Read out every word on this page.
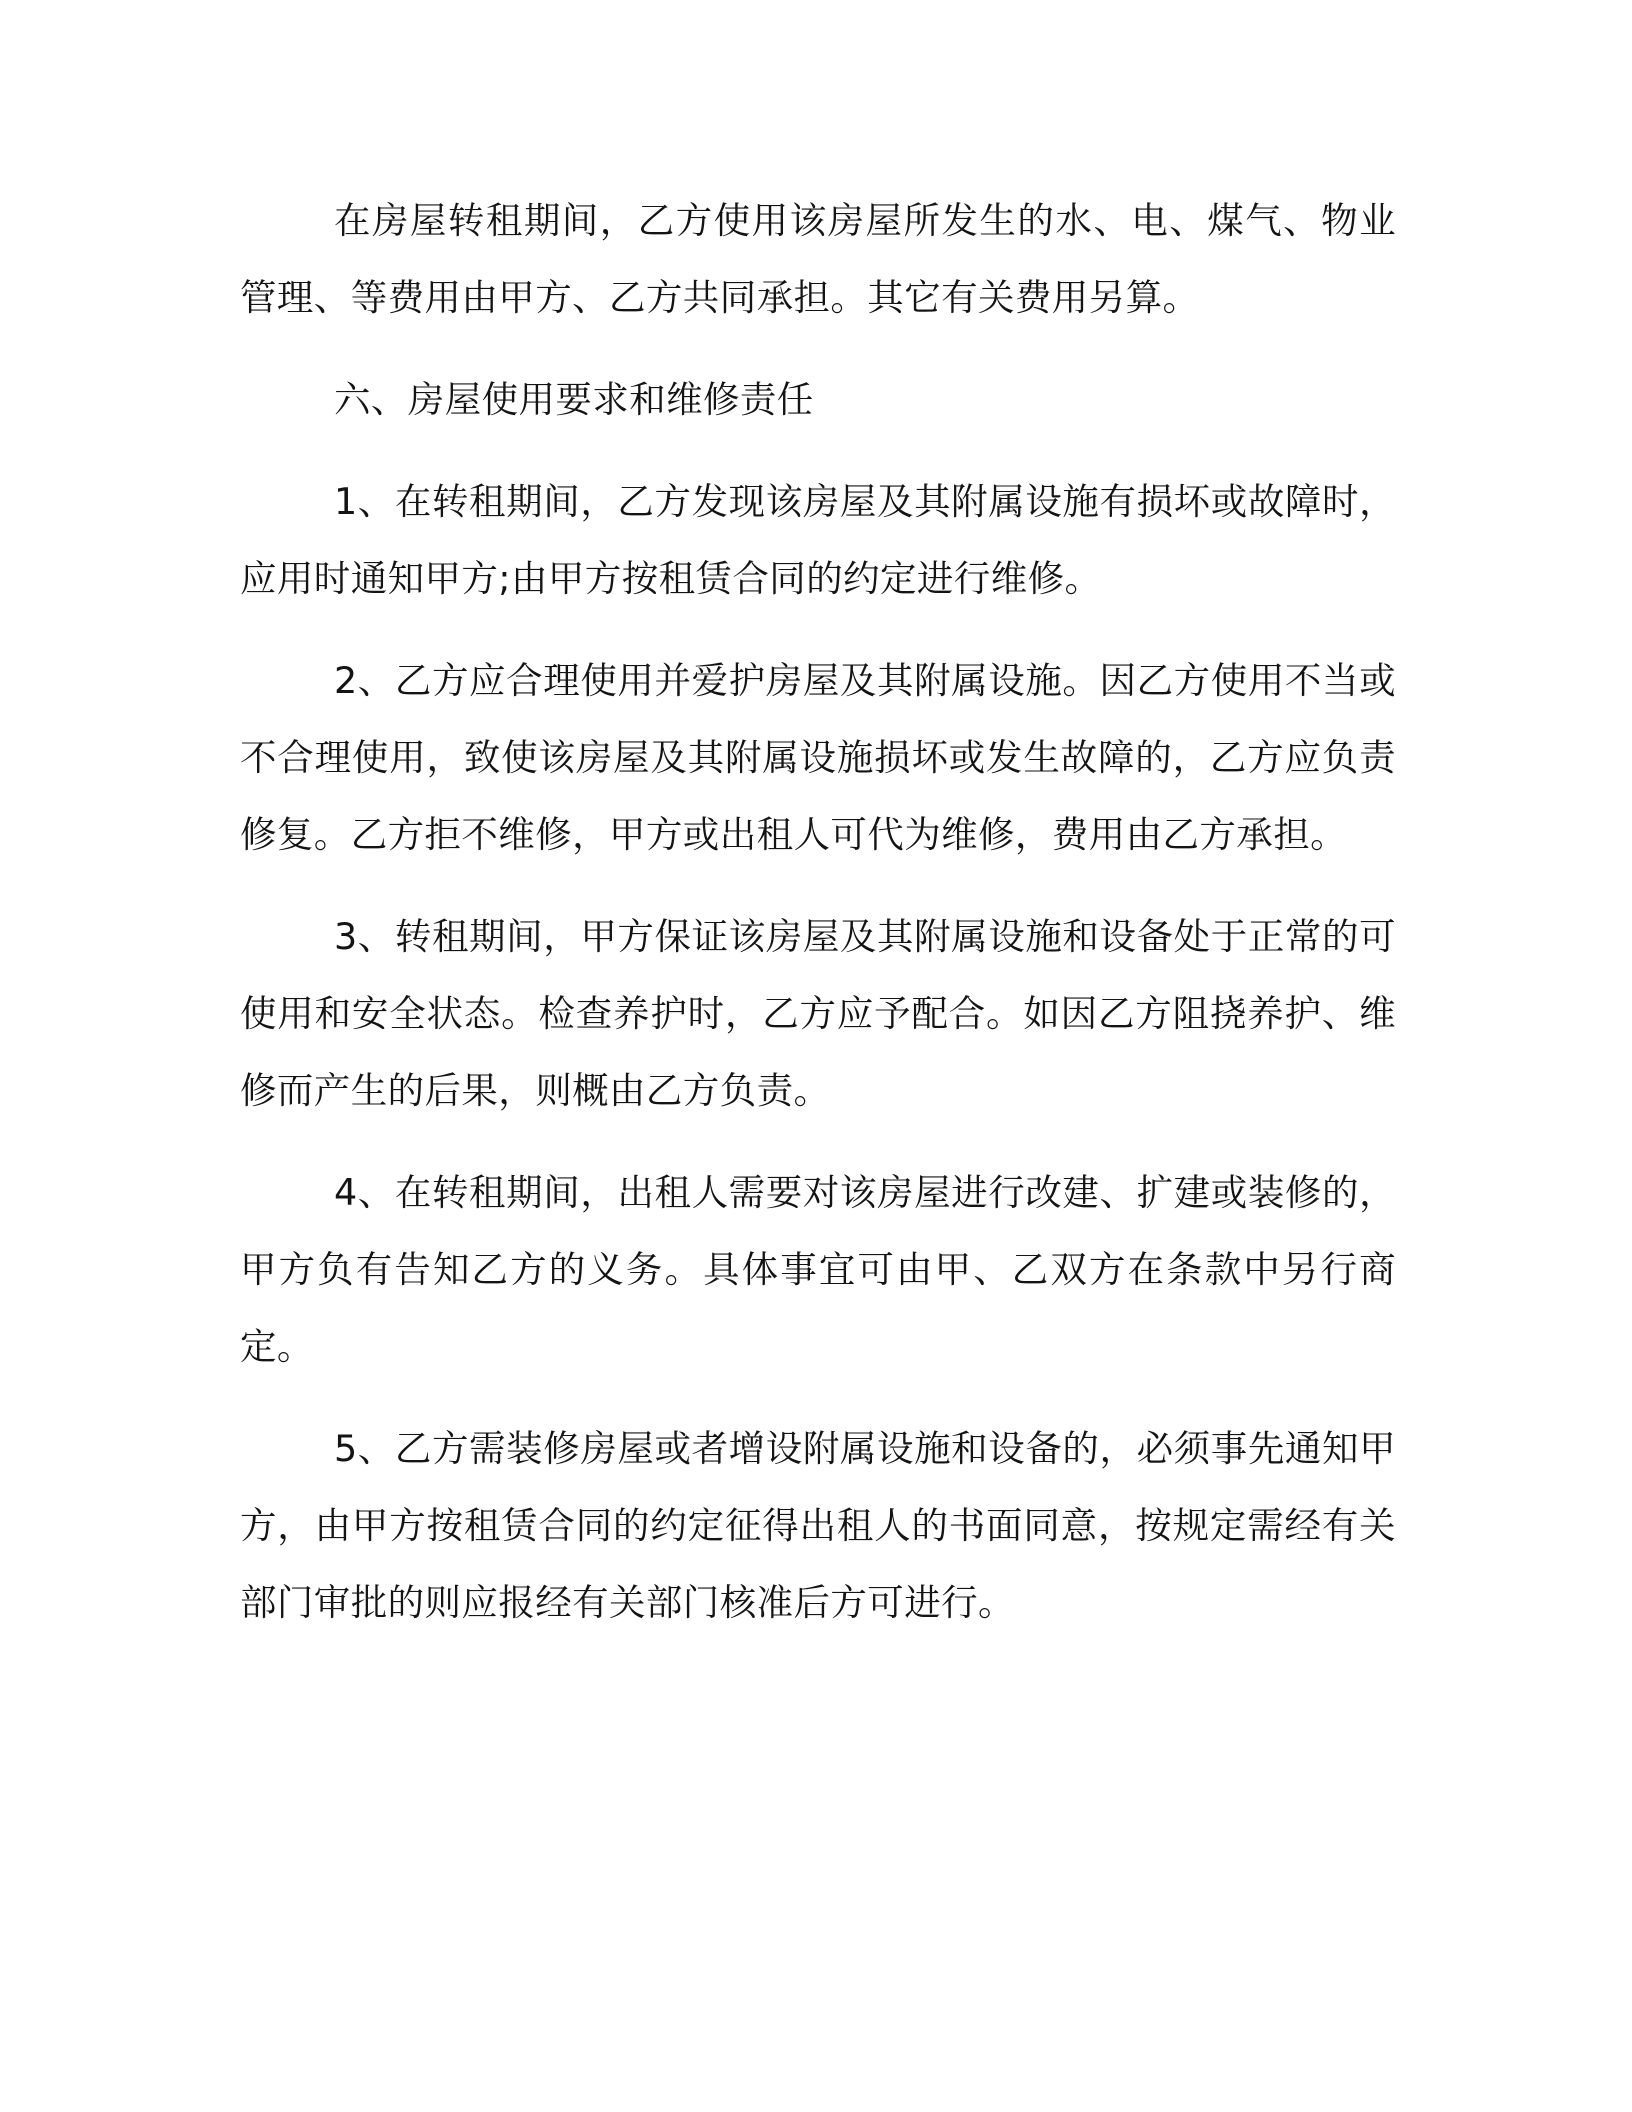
在房屋转租期间，乙方使用该房屋所发生的水、电、煤气、物业管理、等费用由甲方、乙方共同承担。其它有关费用另算。

六、房屋使用要求和维修责任

1、在转租期间，乙方发现该房屋及其附属设施有损坏或故障时，应用时通知甲方;由甲方按租赁合同的约定进行维修。

2、乙方应合理使用并爱护房屋及其附属设施。因乙方使用不当或不合理使用，致使该房屋及其附属设施损坏或发生故障的，乙方应负责修复。乙方拒不维修，甲方或出租人可代为维修，费用由乙方承担。

3、转租期间，甲方保证该房屋及其附属设施和设备处于正常的可使用和安全状态。检查养护时，乙方应予配合。如因乙方阻挠养护、维修而产生的后果，则概由乙方负责。

4、在转租期间，出租人需要对该房屋进行改建、扩建或装修的，甲方负有告知乙方的义务。具体事宜可由甲、乙双方在条款中另行商定。

5、乙方需装修房屋或者增设附属设施和设备的，必须事先通知甲方，由甲方按租赁合同的约定征得出租人的书面同意，按规定需经有关部门审批的则应报经有关部门核准后方可进行。
